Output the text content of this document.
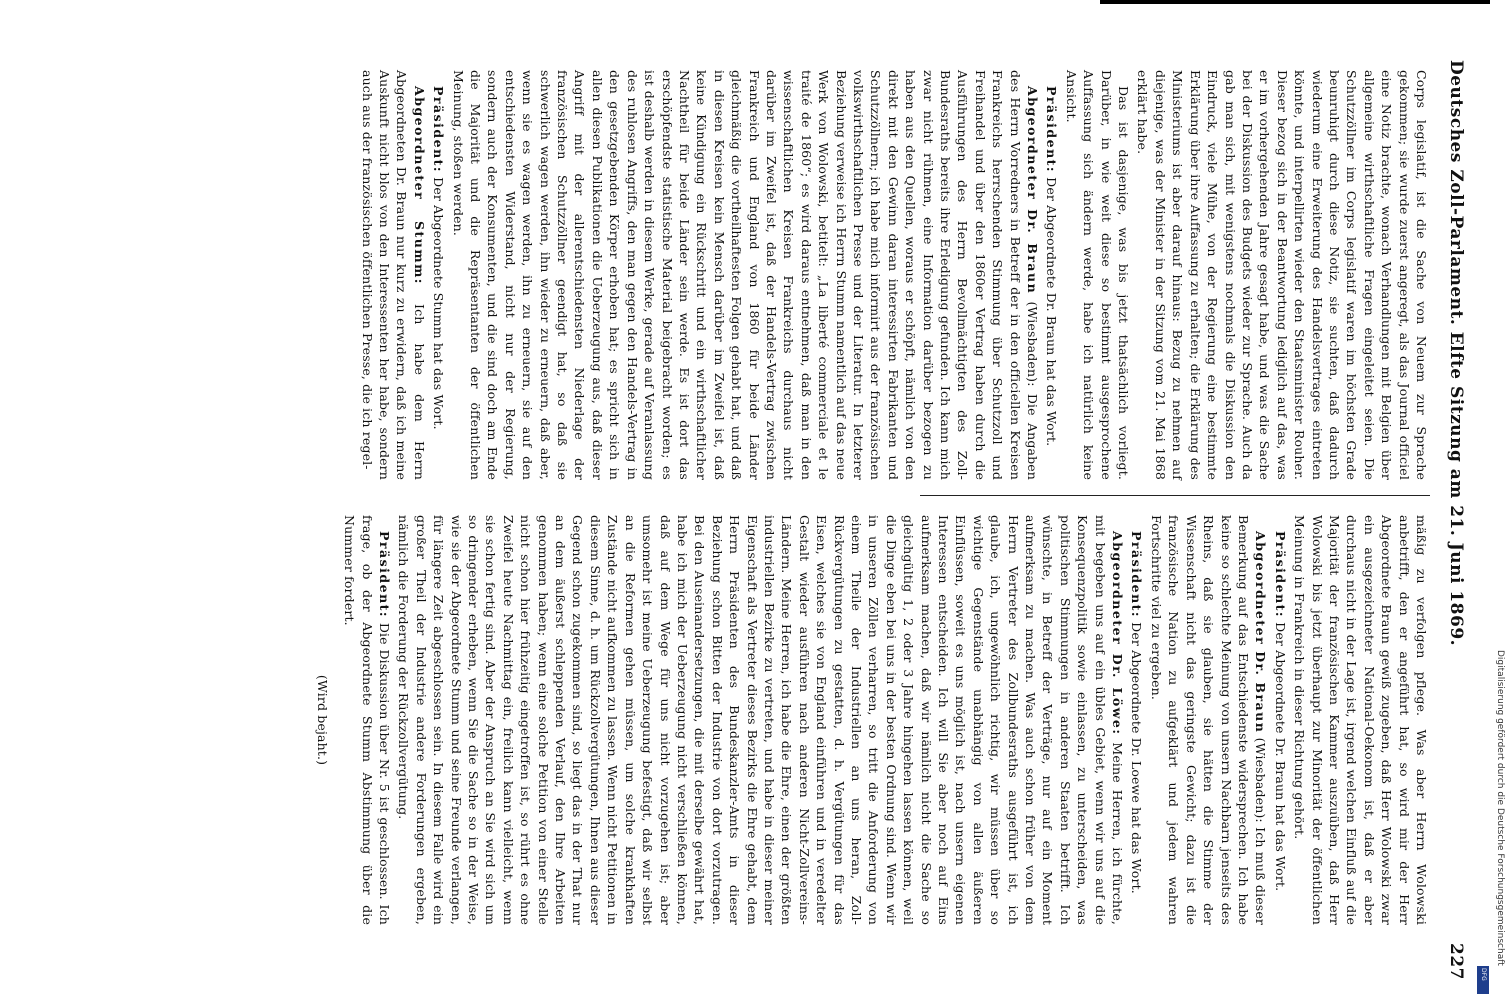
Deutsches Zoll-Parlament. Elfte Sitzung am 21. Juni 1869.
227

Corps legislatif, ist die Sache von Neuem zur Sprache gekommen; sie wurde zuerst angeregt, als das Journal officiel eine Notiz brachte, wonach Verhandlungen mit Belgien über allgemeine wirthschaftliche Fragen eingeleitet seien. Die Schutzzöllner im Corps legislatif waren im höchsten Grade beunruhigt durch diese Notiz, sie suchten, daß dadurch wiederum eine Erweiterung des Handelsvertrages eintreten könnte, und interpellirten wieder den Staatsminister Rouher. Dieser bezog sich in der Beantwortung lediglich auf das, was er im vorhergehenden Jahre gesagt habe, und was die Sache bei der Diskussion des Budgets wieder zur Sprache. Auch da gab man sich, mit wenigstens nochmals die Diskussion den Eindruck, viele Mühe, von der Regierung eine bestimmte Erklärung über ihre Auffassung zu erhalten; die Erklärung des Ministeriums ist aber darauf hinaus: Bezug zu nehmen auf diejenige, was der Minister in der Sitzung vom 21. Mai 1868 erklärt habe.

Das ist dasjenige, was bis jetzt thatsächlich vorliegt. Darüber, in wie weit diese so bestimmt ausgesprochene Auffassung sich ändern werde, habe ich natürlich keine Ansicht.

Präsident: Der Abgeordnete Dr. Braun hat das Wort.

Abgeordneter Dr. Braun (Wiesbaden): Die Angaben des Herrn Vorredners in Betreff der in den officiellen Kreisen Frankreichs herrschenden Stimmung über Schutzzoll und Freihandel und über den 1860er Vertrag haben durch die Ausführungen des Herrn Bevollmächtigten des Zoll-Bundesraths bereits ihre Erledigung gefunden. Ich kann mich zwar nicht rühmen, eine Information darüber bezogen zu haben aus den Quellen, woraus er schöpft, nämlich von den direkt mit den Gewinn daran interessirten Fabrikanten und Schutzzöllnern; ich habe mich informirt aus der französischen volkswirthschaftlichen Presse und der Literatur. In letzterer Beziehung verweise ich Herrn Stumm namentlich auf das neue Werk von Wolowski, betitelt: „La liberté commerciale et le traité de 1860“; es wird daraus entnehmen, daß man in den wissenschaftlichen Kreisen Frankreichs durchaus nicht darüber im Zweifel ist, daß der Handels-Vertrag zwischen Frankreich und England von 1860 für beide Länder gleichmäßig die vortheilhaftesten Folgen gehabt hat, und daß in diesen Kreisen kein Mensch darüber im Zweifel ist, daß keine Kündigung ein Rückschritt und ein wirthschaftlicher Nachtheil für beide Länder sein werde. Es ist dort das erschöpfendste statistische Material beigebracht worden; es ist deshalb werden in diesem Werke, gerade auf Veranlassung des ruhlosen Angriffs, den man gegen den Handels-Vertrag in den gesetzgebenden Körper erhoben hat; es spricht sich in allen diesen Publikationen die Ueberzeugung aus, daß dieser Angriff mit der allerentschiedensten Niederlage der französischen Schutzzöllner geendigt hat, so daß sie schwerlich wagen werden, ihn wieder zu erneuern, daß aber, wenn sie es wagen werden, ihn zu erneuern, sie auf den entschiedensten Widerstand, nicht nur der Regierung, sondern auch der Konsumenten, und die sind doch am Ende die Majorität und die Repräsentanten der öffentlichen Meinung, stoßen werden.

Präsident: Der Abgeordnete Stumm hat das Wort.

Abgeordneter Stumm: Ich habe dem Herrn Abgeordneten Dr. Braun nur kurz zu erwidern, daß ich meine Auskunft nicht blos von den Interessenten her habe, sondern auch aus der französischen öffentlichen Presse, die ich regel-

mäßig zu verfolgen pflege. Was aber Herrn Wolowski anbetrifft, den er angeführt hat, so wird mir der Herr Abgeordnete Braun gewiß zugeben, daß Herr Wolowski zwar ein ausgezeichneter National-Oekonom ist, daß er aber durchaus nicht in der Lage ist, irgend welchen Einfluß auf die Majorität der französischen Kammer auszuüben, daß Herr Wolowski bis jetzt überhaupt zur Minorität der öffentlichen Meinung in Frankreich in dieser Richtung gehört.

Präsident: Der Abgeordnete Dr. Braun hat das Wort.

Abgeordneter Dr. Braun (Wiesbaden): Ich muß dieser Bemerkung auf das Entschiedenste widersprechen. Ich habe keine so schlechte Meinung von unsern Nachbarn jenseits des Rheins, daß sie glauben, sie hätten die Stimme der Wissenschaft nicht das geringste Gewicht; dazu ist die französische Nation zu aufgeklärt und jedem wahren Fortschritte viel zu ergeben.

Präsident: Der Abgeordnete Dr. Loewe hat das Wort.

Abgeordneter Dr. Löwe: Meine Herren, ich fürchte, mit begeben uns auf ein übles Gebiet, wenn wir uns auf die Konsequenzpolitik sowie einlassen, zu unterscheiden, was politischen Stimmungen in anderen Staaten betrifft. Ich wünschte, in Betreff der Verträge, nur auf ein Moment aufmerksam zu machen. Was auch schon früher von dem Herrn Vertreter des Zollbundesraths ausgeführt ist, ich glaube, ich, ungewöhnlich richtig, wir müssen über so wichtige Gegenstände unabhängig von allen äußeren Einflüssen, soweit es uns möglich ist, nach unsern eigenen Interessen entscheiden. Ich will Sie aber noch auf Eins aufmerksam machen, daß wir nämlich nicht die Sache so gleichgültig 1, 2 oder 3 Jahre hingehen lassen können, weil die Dinge eben bei uns in der besten Ordnung sind. Wenn wir in unseren Zöllen verharren, so tritt die Anforderung von einem Theile der Industriellen an uns heran, Zoll-Rückvergütungen zu gestatten, d. h. Vergütungen für das Eisen, welches sie von England einführen und in veredelter Gestalt wieder ausführen nach anderen Nicht-Zollvereins-Ländern. Meine Herren, ich habe die Ehre, einen der größten industriellen Bezirke zu vertreten, und habe in dieser meiner Eigenschaft als Vertreter dieses Bezirks die Ehre gehabt, dem Herrn Präsidenten des Bundeskanzler-Amts in dieser Beziehung schon Bitten der Industrie von dort vorzutragen. Bei den Auseinandersetzungen, die mit derselbe gewährt hat, habe ich mich der Ueberzeugung nicht verschließen können, daß auf dem Wege für uns nicht vorzugehen ist; aber umsomehr ist meine Ueberzeugung befestigt, daß wir selbst an die Reformen gehen müssen, um solche krankhaften Zustände nicht aufkommen zu lassen. Wenn nicht Petitionen in diesem Sinne, d. h. um Rückzollvergütungen, Ihnen aus dieser Gegend schon zugekommen sind, so liegt das in der That nur an dem äußerst schleppenden Verlauf, den Ihre Arbeiten genommen haben; wenn eine solche Petition von einer Stelle nicht schon hier frühzeitig eingetroffen ist, so rührt es ohne Zweifel heute Nachmittag ein, freilich kann vielleicht, wenn sie schon fertig sind. Aber der Anspruch an Sie wird sich um so dringender erheben, wenn Sie die Sache so in der Weise, wie sie der Abgeordnete Stumm und seine Freunde verlangen, für längere Zeit abgeschlossen sein. In diesem Falle wird ein großer Theil der Industrie andere Forderungen ergeben, nämlich die Forderung der Rückzollvergütung.

Präsident: Die Diskussion über Nr. 5 ist geschlossen. Ich frage, ob der Abgeordnete Stumm Abstimmung über die Nummer fordert.

(Wird bejaht.)	Digitalisierung gefördert durch die Deutsche Forschungsgemeinschaft
DFG
